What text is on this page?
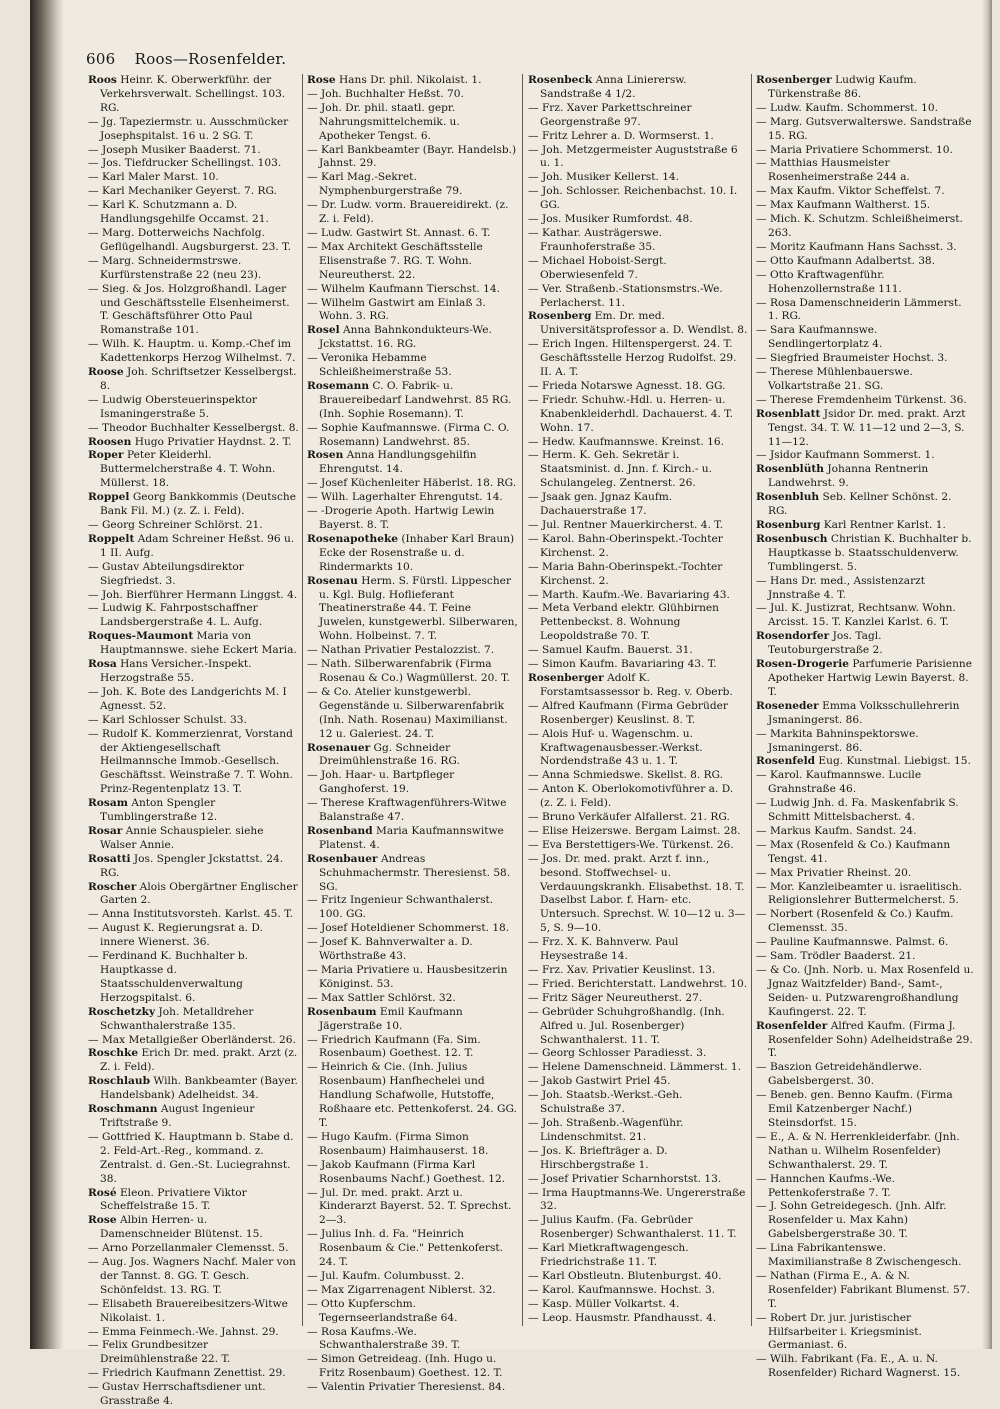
606 Roos—Rosenfelder.
Roos Heinr. K. Oberwerkführ. der Verkehrsverwalt. Schellingst. 103. RG.
— Jg. Tapeziermstr. u. Ausschmücker Josephspitalst. 16 u. 2 SG. T.
— Joseph Musiker Baaderst. 71.
— Jos. Tiefdrucker Schellingst. 103.
— Karl Maler Marst. 10.
— Karl Mechaniker Geyerst. 7. RG.
— Karl K. Schutzmann a. D. Handlungsgehilfe Occamst. 21.
— Marg. Dotterweichs Nachfolg. Geflügelhandl. Augsburgerst. 23. T.
— Marg. Schneidermstrswe. Kurfürstenstraße 22 (neu 23).
— Sieg. & Jos. Holzgroßhandl. Lager und Geschäftsstelle Elsenheimerst. T. Geschäftsführer Otto Paul Romanstraße 101.
— Wilh. K. Hauptm. u. Komp.-Chef im Kadettenkorps Herzog Wilhelmst. 7.
Roose Joh. Schriftsetzer Kesselbergst. 8.
— Ludwig Obersteuerinspektor Ismaningerstraße 5.
— Theodor Buchhalter Kesselbergst. 8.
Roosen Hugo Privatier Haydnst. 2. T.
Roper Peter Kleiderhl. Buttermelcherstraße 4. T. Wohn. Müllerst. 18.
Roppel Georg Bankkommis (Deutsche Bank Fil. M.) (z. Z. i. Feld).
— Georg Schreiner Schlörst. 21.
Roppelt Adam Schreiner Heßst. 96 u. 1 II. Aufg.
— Gustav Abteilungsdirektor Siegfriedst. 3.
— Joh. Bierführer Hermann Linggst. 4.
— Ludwig K. Fahrpostschaffner Landsbergerstraße 4. L. Aufg.
Roques-Maumont Maria von Hauptmannswe. siehe Eckert Maria.
Rosa Hans Versicher.-Inspekt. Herzogstraße 55.
— Joh. K. Bote des Landgerichts M. I Agnesst. 52.
— Karl Schlosser Schulst. 33.
— Rudolf K. Kommerzienrat, Vorstand der Aktiengesellschaft Heilmannsche Immob.-Gesellsch. Geschäftsst. Weinstraße 7. T. Wohn. Prinz-Regentenplatz 13. T.
Rosam Anton Spengler Tumblingerstraße 12.
Rosar Annie Schauspieler. siehe Walser Annie.
Rosatti Jos. Spengler Jckstattst. 24. RG.
Roscher Alois Obergärtner Englischer Garten 2.
— Anna Institutsvorsteh. Karlst. 45. T.
— August K. Regierungsrat a. D. innere Wienerst. 36.
— Ferdinand K. Buchhalter b. Hauptkasse d. Staatsschuldenverwaltung Herzogspitalst. 6.
Roschetzky Joh. Metalldreher Schwanthalerstraße 135.
— Max Metallgießer Oberländerst. 26.
Roschke Erich Dr. med. prakt. Arzt (z. Z. i. Feld).
Roschlaub Wilh. Bankbeamter (Bayer. Handelsbank) Adelheidst. 34.
Roschmann August Ingenieur Triftstraße 9.
— Gottfried K. Hauptmann b. Stabe d. 2. Feld-Art.-Reg., kommand. z. Zentralst. d. Gen.-St. Luciegrahnst. 38.
Rosé Eleon. Privatiere Viktor Scheffelstraße 15. T.
Rose Albin Herren- u. Damenschneider Blütenst. 15.
— Arno Porzellanmaler Clemensst. 5.
— Aug. Jos. Wagners Nachf. Maler von der Tannst. 8. GG. T. Gesch. Schönfeldst. 13. RG. T.
— Elisabeth Brauereibesitzers-Witwe Nikolaist. 1.
— Emma Feinmech.-We. Jahnst. 29.
— Felix Grundbesitzer Dreimühlenstraße 22. T.
— Friedrich Kaufmann Zenettist. 29.
— Gustav Herrschaftsdiener unt. Grasstraße 4.
Rose Hans Dr. phil. Nikolaist. 1.
— Joh. Buchhalter Heßst. 70.
— Joh. Dr. phil. staatl. gepr. Nahrungsmittelchemik. u. Apotheker Tengst. 6.
— Karl Bankbeamter (Bayr. Handelsb.) Jahnst. 29.
— Karl Mag.-Sekret. Nymphenburgerstraße 79.
— Dr. Ludw. vorm. Brauereidirekt. (z. Z. i. Feld).
— Ludw. Gastwirt St. Annast. 6. T.
— Max Architekt Geschäftsstelle Elisenstraße 7. RG. T. Wohn. Neureutherst. 22.
— Wilhelm Kaufmann Tierschst. 14.
— Wilhelm Gastwirt am Einlaß 3. Wohn. 3. RG.
Rosel Anna Bahnkondukteurs-We. Jckstattst. 16. RG.
— Veronika Hebamme Schleißheimerstraße 53.
Rosemann C. O. Fabrik- u. Brauereibedarf Landwehrst. 85 RG. (Inh. Sophie Rosemann). T.
— Sophie Kaufmannswe. (Firma C. O. Rosemann) Landwehrst. 85.
Rosen Anna Handlungsgehilfin Ehrengutst. 14.
— Josef Küchenleiter Häberlst. 18. RG.
— Wilh. Lagerhalter Ehrengutst. 14.
— -Drogerie Apoth. Hartwig Lewin Bayerst. 8. T.
Rosenapotheke (Inhaber Karl Braun) Ecke der Rosenstraße u. d. Rindermarkts 10.
Rosenau Herm. S. Fürstl. Lippescher u. Kgl. Bulg. Hoflieferant Theatinerstraße 44. T. Feine Juwelen, kunstgewerbl. Silberwaren, Wohn. Holbeinst. 7. T.
— Nathan Privatier Pestalozzist. 7.
— Nath. Silberwarenfabrik (Firma Rosenau & Co.) Wagmüllerst. 20. T.
— & Co. Atelier kunstgewerbl. Gegenstände u. Silberwarenfabrik (Inh. Nath. Rosenau) Maximilianst. 12 u. Galeriest. 24. T.
Rosenauer Gg. Schneider Dreimühlenstraße 16. RG.
— Joh. Haar- u. Bartpfleger Ganghoferst. 19.
— Therese Kraftwagenführers-Witwe Balanstraße 47.
Rosenband Maria Kaufmannswitwe Platenst. 4.
Rosenbauer Andreas Schuhmachermstr. Theresienst. 58. SG.
— Fritz Ingenieur Schwanthalerst. 100. GG.
— Josef Hoteldiener Schommerst. 18.
— Josef K. Bahnverwalter a. D. Wörthstraße 43.
— Maria Privatiere u. Hausbesitzerin Königinst. 53.
— Max Sattler Schlörst. 32.
Rosenbaum Emil Kaufmann Jägerstraße 10.
— Friedrich Kaufmann (Fa. Sim. Rosenbaum) Goethest. 12. T.
— Heinrich & Cie. (Inh. Julius Rosenbaum) Hanfhechelei und Handlung Schafwolle, Hutstoffe, Roßhaare etc. Pettenkoferst. 24. GG. T.
— Hugo Kaufm. (Firma Simon Rosenbaum) Haimhauserst. 18.
— Jakob Kaufmann (Firma Karl Rosenbaums Nachf.) Goethest. 12.
— Jul. Dr. med. prakt. Arzt u. Kinderarzt Bayerst. 52. T. Sprechst. 2—3.
— Julius Inh. d. Fa. "Heinrich Rosenbaum & Cie." Pettenkoferst. 24. T.
— Jul. Kaufm. Columbusst. 2.
— Max Zigarrenagent Niblerst. 32.
— Otto Kupferschm. Tegernseerlandstraße 64.
— Rosa Kaufms.-We. Schwanthalerstraße 39. T.
— Simon Getreideag. (Inh. Hugo u. Fritz Rosenbaum) Goethest. 12. T.
— Valentin Privatier Theresienst. 84.
Rosenbeck Anna Linierersw. Sandstraße 4 1/2.
— Frz. Xaver Parkettschreiner Georgenstraße 97.
— Fritz Lehrer a. D. Wormserst. 1.
— Joh. Metzgermeister Auguststraße 6 u. 1.
— Joh. Musiker Kellerst. 14.
— Joh. Schlosser. Reichenbachst. 10. I. GG.
— Jos. Musiker Rumfordst. 48.
— Kathar. Austrägerswe. Fraunhoferstraße 35.
— Michael Hoboist-Sergt. Oberwiesenfeld 7.
— Ver. Straßenb.-Stationsmstrs.-We. Perlacherst. 11.
Rosenberg Em. Dr. med. Universitätsprofessor a. D. Wendlst. 8.
— Erich Ingen. Hiltenspergerst. 24. T. Geschäftsstelle Herzog Rudolfst. 29. II. A. T.
— Frieda Notarswe Agnesst. 18. GG.
— Friedr. Schuhw.-Hdl. u. Herren- u. Knabenkleiderhdl. Dachauerst. 4. T. Wohn. 17.
— Hedw. Kaufmannswe. Kreinst. 16.
— Herm. K. Geh. Sekretär i. Staatsminist. d. Jnn. f. Kirch.- u. Schulangeleg. Zentnerst. 26.
— Jsaak gen. Jgnaz Kaufm. Dachauerstraße 17.
— Jul. Rentner Mauerkircherst. 4. T.
— Karol. Bahn-Oberinspekt.-Tochter Kirchenst. 2.
— Maria Bahn-Oberinspekt.-Tochter Kirchenst. 2.
— Marth. Kaufm.-We. Bavariaring 43.
— Meta Verband elektr. Glühbirnen Pettenbeckst. 8. Wohnung Leopoldstraße 70. T.
— Samuel Kaufm. Bauerst. 31.
— Simon Kaufm. Bavariaring 43. T.
Rosenberger Adolf K. Forstamtsassessor b. Reg. v. Oberb.
— Alfred Kaufmann (Firma Gebrüder Rosenberger) Keuslinst. 8. T.
— Alois Huf- u. Wagenschm. u. Kraftwagenausbesser.-Werkst. Nordendstraße 43 u. 1. T.
— Anna Schmiedswe. Skellst. 8. RG.
— Anton K. Oberlokomotivführer a. D. (z. Z. i. Feld).
— Bruno Verkäufer Alfallerst. 21. RG.
— Elise Heizerswe. Bergam Laimst. 28.
— Eva Berstettigers-We. Türkenst. 26.
— Jos. Dr. med. prakt. Arzt f. inn., besond. Stoffwechsel- u. Verdauungskrankh. Elisabethst. 18. T. Daselbst Labor. f. Harn- etc. Untersuch. Sprechst. W. 10—12 u. 3—5, S. 9—10.
— Frz. X. K. Bahnverw. Paul Heysestraße 14.
— Frz. Xav. Privatier Keuslinst. 13.
— Fried. Berichterstatt. Landwehrst. 10.
— Fritz Säger Neureutherst. 27.
— Gebrüder Schuhgroßhandlg. (Inh. Alfred u. Jul. Rosenberger) Schwanthalerst. 11. T.
— Georg Schlosser Paradiesst. 3.
— Helene Damenschneid. Lämmerst. 1.
— Jakob Gastwirt Priel 45.
— Joh. Staatsb.-Werkst.-Geh. Schulstraße 37.
— Joh. Straßenb.-Wagenführ. Lindenschmitst. 21.
— Jos. K. Briefträger a. D. Hirschbergstraße 1.
— Josef Privatier Scharnhorstst. 13.
— Irma Hauptmanns-We. Ungererstraße 32.
— Julius Kaufm. (Fa. Gebrüder Rosenberger) Schwanthalerst. 11. T.
— Karl Mietkraftwagengesch. Friedrichstraße 11. T.
— Karl Obstleutn. Blutenburgst. 40.
— Karol. Kaufmannswe. Hochst. 3.
— Kasp. Müller Volkartst. 4.
— Leop. Hausmstr. Pfandhausst. 4.
Rosenberger Ludwig Kaufm. Türkenstraße 86.
— Ludw. Kaufm. Schommerst. 10.
— Marg. Gutsverwalterswe. Sandstraße 15. RG.
— Maria Privatiere Schommerst. 10.
— Matthias Hausmeister Rosenheimerstraße 244 a.
— Max Kaufm. Viktor Scheffelst. 7.
— Max Kaufmann Waltherst. 15.
— Mich. K. Schutzm. Schleißheimerst. 263.
— Moritz Kaufmann Hans Sachsst. 3.
— Otto Kaufmann Adalbertst. 38.
— Otto Kraftwagenführ. Hohenzollernstraße 111.
— Rosa Damenschneiderin Lämmerst. 1. RG.
— Sara Kaufmannswe. Sendlingertorplatz 4.
— Siegfried Braumeister Hochst. 3.
— Therese Mühlenbauerswe. Volkartstraße 21. SG.
— Therese Fremdenheim Türkenst. 36.
Rosenblatt Jsidor Dr. med. prakt. Arzt Tengst. 34. T. W. 11—12 und 2—3, S. 11—12.
— Jsidor Kaufmann Sommerst. 1.
Rosenblüth Johanna Rentnerin Landwehrst. 9.
Rosenbluh Seb. Kellner Schönst. 2. RG.
Rosenburg Karl Rentner Karlst. 1.
Rosenbusch Christian K. Buchhalter b. Hauptkasse b. Staatsschuldenverw. Tumblingerst. 5.
— Hans Dr. med., Assistenzarzt Jnnstraße 4. T.
— Jul. K. Justizrat, Rechtsanw. Wohn. Arcisst. 15. T. Kanzlei Karlst. 6. T.
Rosendorfer Jos. Tagl. Teutoburgerstraße 2.
Rosen-Drogerie Parfumerie Parisienne Apotheker Hartwig Lewin Bayerst. 8. T.
Roseneder Emma Volksschullehrerin Jsmaningerst. 86.
— Markita Bahninspektorswe. Jsmaningerst. 86.
Rosenfeld Eug. Kunstmal. Liebigst. 15.
— Karol. Kaufmannswe. Lucile Grahnstraße 46.
— Ludwig Jnh. d. Fa. Maskenfabrik S. Schmitt Mittelsbacherst. 4.
— Markus Kaufm. Sandst. 24.
— Max (Rosenfeld & Co.) Kaufmann Tengst. 41.
— Max Privatier Rheinst. 20.
— Mor. Kanzleibeamter u. israelitisch. Religionslehrer Buttermelcherst. 5.
— Norbert (Rosenfeld & Co.) Kaufm. Clemensst. 35.
— Pauline Kaufmannswe. Palmst. 6.
— Sam. Trödler Baaderst. 21.
— & Co. (Jnh. Norb. u. Max Rosenfeld u. Jgnaz Waitzfelder) Band-, Samt-, Seiden- u. Putzwarengroßhandlung Kaufingerst. 22. T.
Rosenfelder Alfred Kaufm. (Firma J. Rosenfelder Sohn) Adelheidstraße 29. T.
— Baszion Getreidehändlerwe. Gabelsbergerst. 30.
— Beneb. gen. Benno Kaufm. (Firma Emil Katzenberger Nachf.) Steinsdorfst. 15.
— E., A. & N. Herrenkleiderfabr. (Jnh. Nathan u. Wilhelm Rosenfelder) Schwanthalerst. 29. T.
— Hannchen Kaufms.-We. Pettenkoferstraße 7. T.
— J. Sohn Getreidegesch. (Jnh. Alfr. Rosenfelder u. Max Kahn) Gabelsbergerstraße 30. T.
— Lina Fabrikantenswe. Maximilianstraße 8 Zwischengesch.
— Nathan (Firma E., A. & N. Rosenfelder) Fabrikant Blumenst. 57. T.
— Robert Dr. jur. juristischer Hilfsarbeiter i. Kriegsminist. Germaniast. 6.
— Wilh. Fabrikant (Fa. E., A. u. N. Rosenfelder) Richard Wagnerst. 15.
